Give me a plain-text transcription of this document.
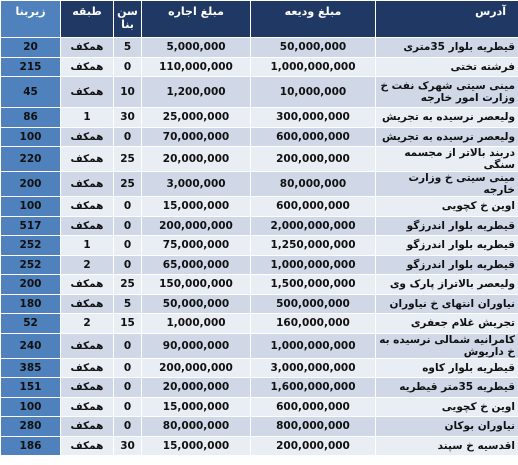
زیربنا	طبقه	سن بنا	مبلغ اجاره	مبلغ ودیعه	آدرس
20	همکف	5	5,000,000	50,000,000	قیطریه بلوار 35متری
215	همکف	0	110,000,000	1,000,000,000	فرشته تختی
45	همکف	10	1,200,000	10,000,000	مینی سیتی شهرک نفت خ وزارت امور خارجه
86	1	30	25,000,000	300,000,000	ولیعصر نرسیده به تجریش
100	همکف	0	70,000,000	600,000,000	ولیعصر نرسیده به تجریش
220	همکف	25	20,000,000	200,000,000	دربند بالاتر از مجسمه سنگی
200	همکف	25	3,000,000	80,000,000	مینی سیتی خ وزارت خارجه
100	همکف	0	15,000,000	600,000,000	اوین خ کچویی
517	همکف	0	200,000,000	2,000,000,000	قیطریه بلوار اندرزگو
252	1	0	75,000,000	1,250,000,000	قیطریه بلوار اندرزگو
252	2	0	65,000,000	1,000,000,000	قیطریه بلوار اندرزگو
200	همکف	25	150,000,000	1,500,000,000	ولیعصر بالاتراز پارک وی
180	همکف	5	50,000,000	500,000,000	نیاوران انتهای خ نیاوران
52	2	15	1,000,000	160,000,000	تجریش غلام جعفری
240	همکف	0	90,000,000	1,000,000,000	کامرانیه شمالی نرسیده به خ داریوش
385	همکف	0	200,000,000	3,000,000,000	قیطریه بلوار کاوه
151	همکف	0	20,000,000	1,600,000,000	قیطریه 35متر قیطریه
100	همکف	0	15,000,000	600,000,000	اوین خ کچویی
280	همکف	0	80,000,000	800,000,000	نیاوران بوکان
186	همکف	30	15,000,000	200,000,000	اقدسیه خ سپند
